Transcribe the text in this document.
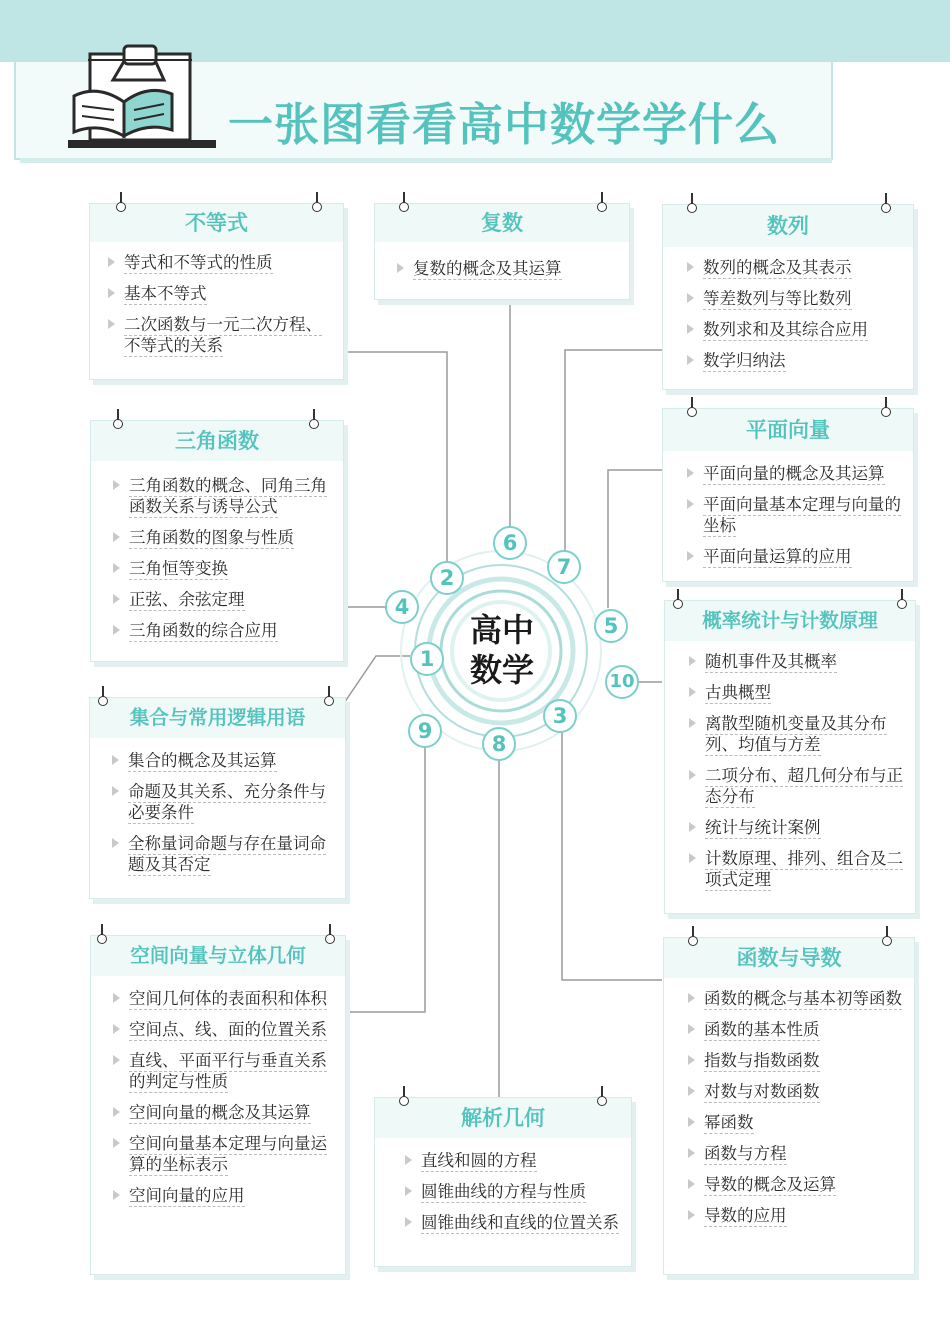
一张图看看高中数学学什么
高中
数学
1
2
3
4
5
6
7
8
9
10
不等式
等式和不等式的性质
基本不等式
二次函数与一元二次方程、不等式的关系
复数
复数的概念及其运算
数列
数列的概念及其表示
等差数列与等比数列
数列求和及其综合应用
数学归纳法
三角函数
三角函数的概念、同角三角函数关系与诱导公式
三角函数的图象与性质
三角恒等变换
正弦、余弦定理
三角函数的综合应用
平面向量
平面向量的概念及其运算
平面向量基本定理与向量的坐标
平面向量运算的应用
集合与常用逻辑用语
集合的概念及其运算
命题及其关系、充分条件与必要条件
全称量词命题与存在量词命题及其否定
概率统计与计数原理
随机事件及其概率
古典概型
离散型随机变量及其分布列、均值与方差
二项分布、超几何分布与正态分布
统计与统计案例
计数原理、排列、组合及二项式定理
空间向量与立体几何
空间几何体的表面积和体积
空间点、线、面的位置关系
直线、平面平行与垂直关系的判定与性质
空间向量的概念及其运算
空间向量基本定理与向量运算的坐标表示
空间向量的应用
解析几何
直线和圆的方程
圆锥曲线的方程与性质
圆锥曲线和直线的位置关系
函数与导数
函数的概念与基本初等函数
函数的基本性质
指数与指数函数
对数与对数函数
幂函数
函数与方程
导数的概念及运算
导数的应用
